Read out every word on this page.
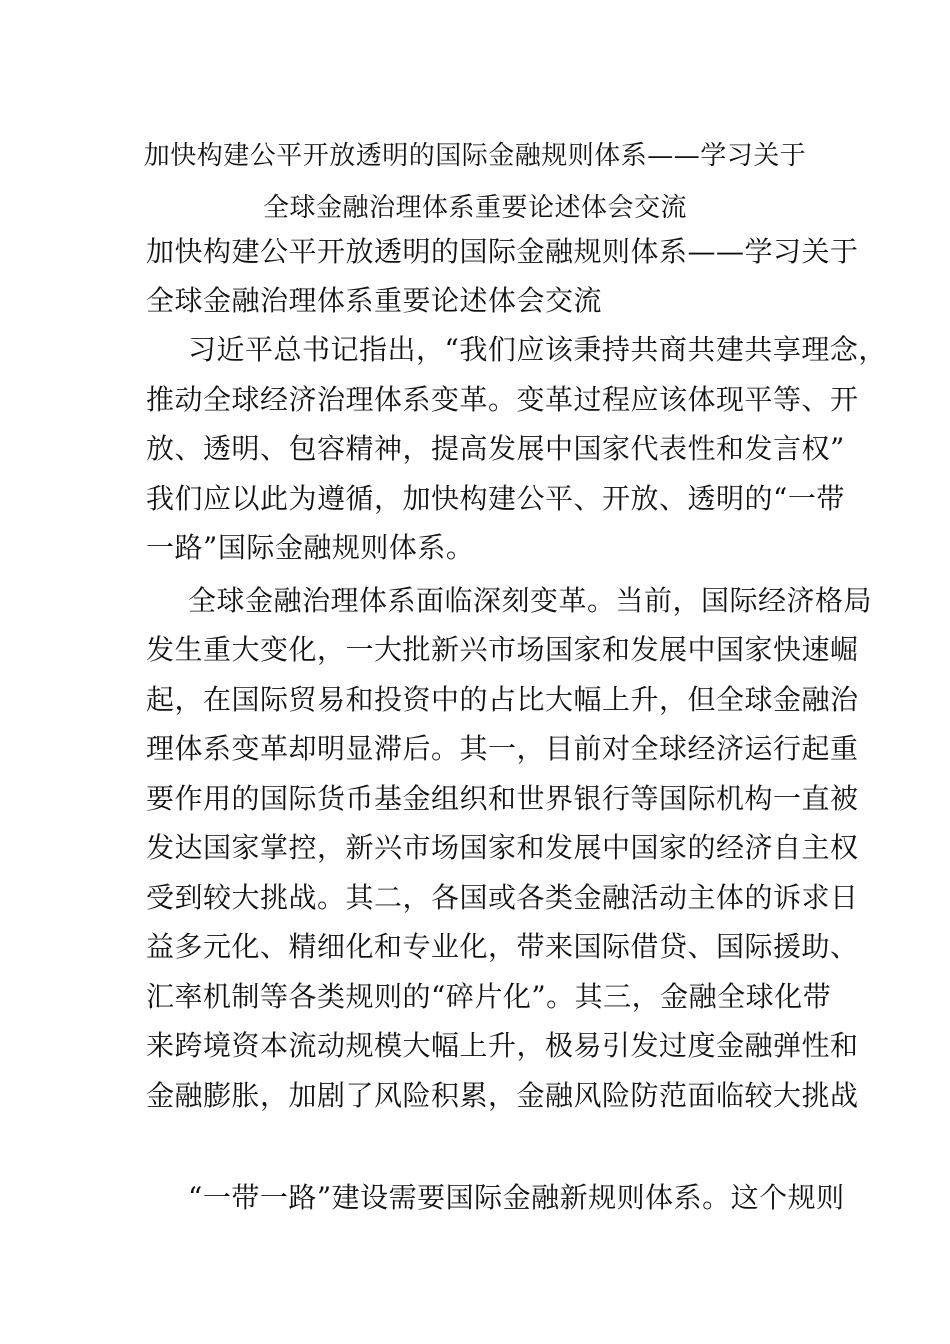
加快构建公平开放透明的国际金融规则体系——学习关于
全球金融治理体系重要论述体会交流
加快构建公平开放透明的国际金融规则体系——学习关于
全球金融治理体系重要论述体会交流
习近平总书记指出，“我们应该秉持共商共建共享理念，
推动全球经济治理体系变革。变革过程应该体现平等、开
放、透明、包容精神，提高发展中国家代表性和发言权”
我们应以此为遵循，加快构建公平、开放、透明的“一带
一路”国际金融规则体系。
全球金融治理体系面临深刻变革。当前，国际经济格局
发生重大变化，一大批新兴市场国家和发展中国家快速崛
起，在国际贸易和投资中的占比大幅上升，但全球金融治
理体系变革却明显滞后。其一，目前对全球经济运行起重
要作用的国际货币基金组织和世界银行等国际机构一直被
发达国家掌控，新兴市场国家和发展中国家的经济自主权
受到较大挑战。其二，各国或各类金融活动主体的诉求日
益多元化、精细化和专业化，带来国际借贷、国际援助、
汇率机制等各类规则的“碎片化”。其三，金融全球化带
来跨境资本流动规模大幅上升，极易引发过度金融弹性和
金融膨胀，加剧了风险积累，金融风险防范面临较大挑战
“一带一路”建设需要国际金融新规则体系。这个规则
